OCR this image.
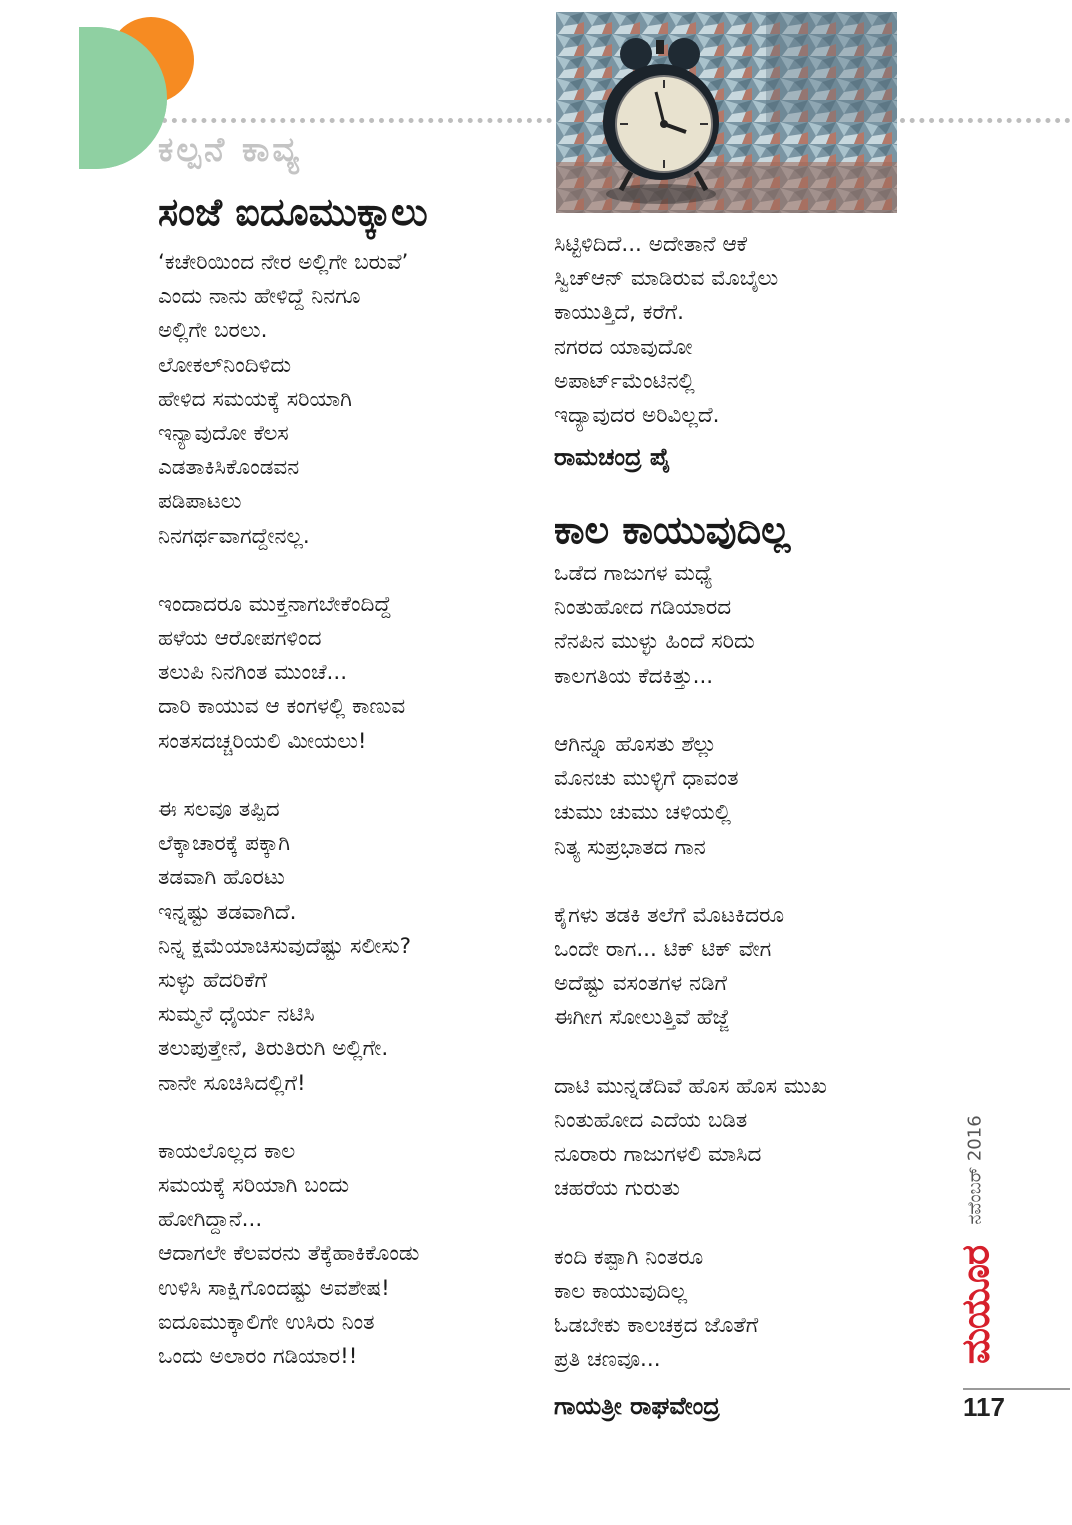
ಕಲ್ಪನೆ ಕಾವ್ಯ
ಸಂಜೆ ಐದೂಮುಕ್ಕಾಲು
‘ಕಚೇರಿಯಿಂದ ನೇರ ಅಲ್ಲಿಗೇ ಬರುವೆ’
ಎಂದು ನಾನು ಹೇಳಿದ್ದೆ ನಿನಗೂ
ಅಲ್ಲಿಗೇ ಬರಲು.
ಲೋಕಲ್‌ನಿಂದಿಳಿದು
ಹೇಳಿದ ಸಮಯಕ್ಕೆ ಸರಿಯಾಗಿ
ಇನ್ಯಾವುದೋ ಕೆಲಸ
ಎಡತಾಕಿಸಿಕೊಂಡವನ
ಪಡಿಪಾಟಲು
ನಿನಗರ್ಥವಾಗದ್ದೇನಲ್ಲ.
ಇಂದಾದರೂ ಮುಕ್ತನಾಗಬೇಕೆಂದಿದ್ದೆ
ಹಳೆಯ ಆರೋಪಗಳಿಂದ
ತಲುಪಿ ನಿನಗಿಂತ ಮುಂಚೆ...
ದಾರಿ ಕಾಯುವ ಆ ಕಂಗಳಲ್ಲಿ ಕಾಣುವ
ಸಂತಸದಚ್ಚರಿಯಲಿ ಮೀಯಲು!
ಈ ಸಲವೂ ತಪ್ಪಿದ
ಲೆಕ್ಕಾಚಾರಕ್ಕೆ ಪಕ್ಕಾಗಿ
ತಡವಾಗಿ ಹೊರಟು
ಇನ್ನಷ್ಟು ತಡವಾಗಿದೆ.
ನಿನ್ನ ಕ್ಷಮೆಯಾಚಿಸುವುದೆಷ್ಟು ಸಲೀಸು?
ಸುಳ್ಳು ಹೆದರಿಕೆಗೆ
ಸುಮ್ಮನೆ ಧೈರ್ಯ ನಟಿಸಿ
ತಲುಪುತ್ತೇನೆ, ತಿರುತಿರುಗಿ ಅಲ್ಲಿಗೇ.
ನಾನೇ ಸೂಚಿಸಿದಲ್ಲಿಗೆ!
ಕಾಯಲೊಲ್ಲದ ಕಾಲ
ಸಮಯಕ್ಕೆ ಸರಿಯಾಗಿ ಬಂದು
ಹೋಗಿದ್ದಾನೆ...
ಆದಾಗಲೇ ಕೆಲವರನು ತೆಕ್ಕೆಹಾಕಿಕೊಂಡು
ಉಳಿಸಿ ಸಾಕ್ಷಿಗೊಂದಷ್ಟು ಅವಶೇಷ!
ಐದೂಮುಕ್ಕಾಲಿಗೇ ಉಸಿರು ನಿಂತ
ಒಂದು ಅಲಾರಂ ಗಡಿಯಾರ!!
ಸಿಟ್ಟಿಳಿದಿದೆ... ಅದೇತಾನೆ ಆಕೆ
ಸ್ವಿಚ್‌ಆನ್ ಮಾಡಿರುವ ಮೊಬೈಲು
ಕಾಯುತ್ತಿದೆ, ಕರೆಗೆ.
ನಗರದ ಯಾವುದೋ
ಅಪಾರ್ಟ್‌ಮೆಂಟಿನಲ್ಲಿ
ಇದ್ಯಾವುದರ ಅರಿವಿಲ್ಲದೆ.
ರಾಮಚಂದ್ರ ಪೈ
ಕಾಲ ಕಾಯುವುದಿಲ್ಲ
ಒಡೆದ ಗಾಜುಗಳ ಮಧ್ಯೆ
ನಿಂತುಹೋದ ಗಡಿಯಾರದ
ನೆನಪಿನ ಮುಳ್ಳು ಹಿಂದೆ ಸರಿದು
ಕಾಲಗತಿಯ ಕೆದಕಿತ್ತು...
ಆಗಿನ್ನೂ ಹೊಸತು ಶೆಲ್ಲು
ಮೊನಚು ಮುಳ್ಳಿಗೆ ಧಾವಂತ
ಚುಮು ಚುಮು ಚಳಿಯಲ್ಲಿ
ನಿತ್ಯ ಸುಪ್ರಭಾತದ ಗಾನ
ಕೈಗಳು ತಡಕಿ ತಲೆಗೆ ಮೊಟಕಿದರೂ
ಒಂದೇ ರಾಗ... ಟಿಕ್ ಟಿಕ್ ವೇಗ
ಅದೆಷ್ಟು ವಸಂತಗಳ ನಡಿಗೆ
ಈಗೀಗ ಸೋಲುತ್ತಿವೆ ಹೆಜ್ಜೆ
ದಾಟಿ ಮುನ್ನಡೆದಿವೆ ಹೊಸ ಹೊಸ ಮುಖ
ನಿಂತುಹೋದ ಎದೆಯ ಬಡಿತ
ನೂರಾರು ಗಾಜುಗಳಲಿ ಮಾಸಿದ
ಚಹರೆಯ ಗುರುತು
ಕಂದಿ ಕಪ್ಪಾಗಿ ನಿಂತರೂ
ಕಾಲ ಕಾಯುವುದಿಲ್ಲ
ಓಡಬೇಕು ಕಾಲಚಕ್ರದ ಜೊತೆಗೆ
ಪ್ರತಿ ಚಣವೂ...
ಗಾಯತ್ರೀ ರಾಘವೇಂದ್ರ
ನವೆಂಬರ್ 2016
ಮಯೂರ
117
